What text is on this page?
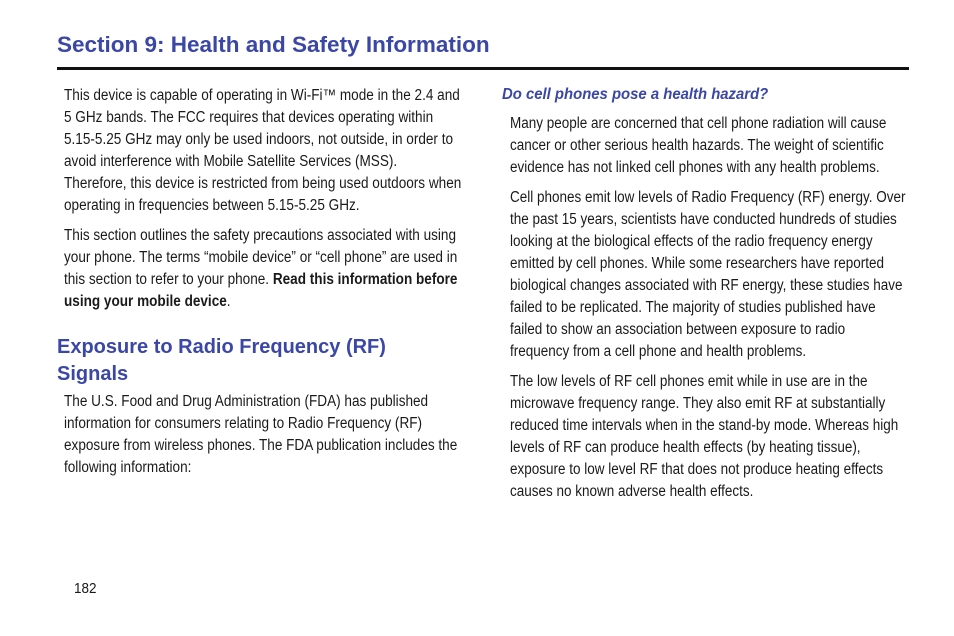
Section 9: Health and Safety Information

This device is capable of operating in Wi-Fi™ mode in the 2.4 and 5 GHz bands. The FCC requires that devices operating within 5.15-5.25 GHz may only be used indoors, not outside, in order to avoid interference with Mobile Satellite Services (MSS). Therefore, this device is restricted from being used outdoors when operating in frequencies between 5.15-5.25 GHz.

This section outlines the safety precautions associated with using your phone. The terms “mobile device” or “cell phone” are used in this section to refer to your phone. Read this information before using your mobile device.

Exposure to Radio Frequency (RF) Signals

The U.S. Food and Drug Administration (FDA) has published information for consumers relating to Radio Frequency (RF) exposure from wireless phones. The FDA publication includes the following information:

Do cell phones pose a health hazard?

Many people are concerned that cell phone radiation will cause cancer or other serious health hazards. The weight of scientific evidence has not linked cell phones with any health problems.

Cell phones emit low levels of Radio Frequency (RF) energy. Over the past 15 years, scientists have conducted hundreds of studies looking at the biological effects of the radio frequency energy emitted by cell phones. While some researchers have reported biological changes associated with RF energy, these studies have failed to be replicated. The majority of studies published have failed to show an association between exposure to radio frequency from a cell phone and health problems.

The low levels of RF cell phones emit while in use are in the microwave frequency range. They also emit RF at substantially reduced time intervals when in the stand-by mode. Whereas high levels of RF can produce health effects (by heating tissue), exposure to low level RF that does not produce heating effects causes no known adverse health effects.

182
